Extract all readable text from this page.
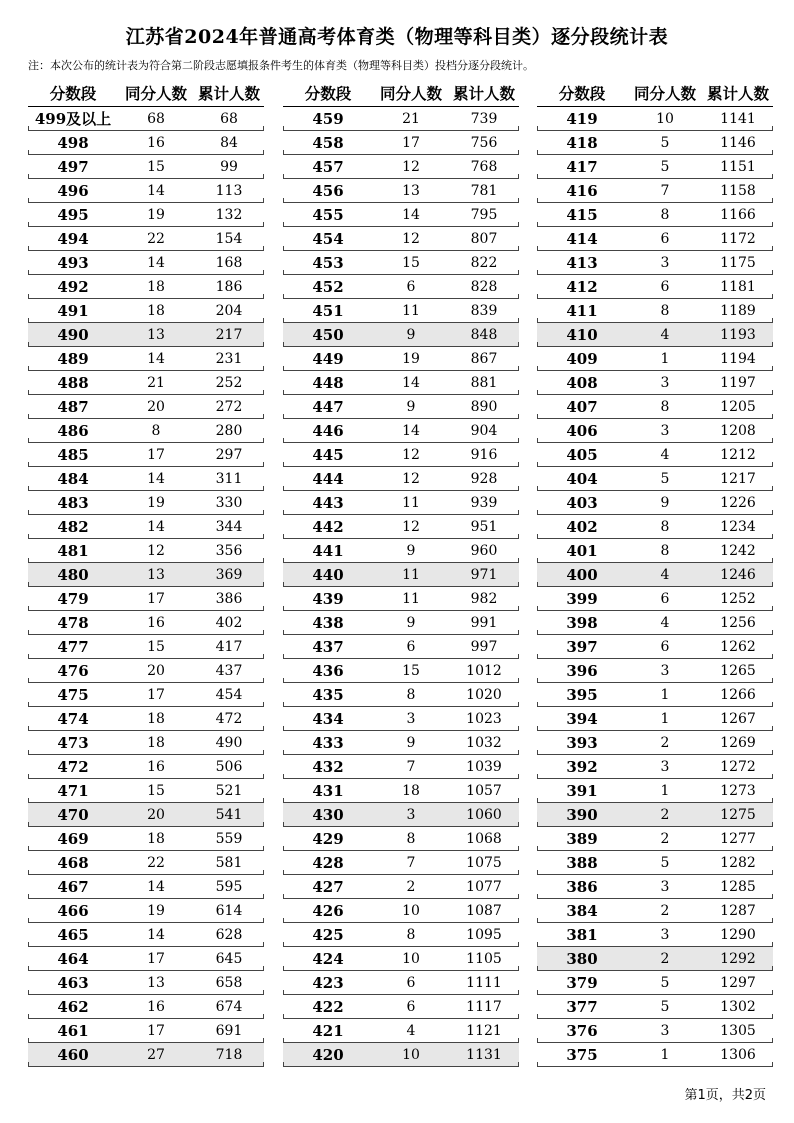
江苏省2024年普通高考体育类（物理等科目类）逐分段统计表
注：本次公布的统计表为符合第二阶段志愿填报条件考生的体育类（物理等科目类）投档分逐分段统计。
分数段	同分人数 累计人数
499及以上	68	68
498	16	84
497	15	99
496	14	113
495	19	132
494	22	154
493	14	168
492	18	186
491	18	204
490	13	217
489	14	231
488	21	252
487	20	272
486	8	280
485	17	297
484	14	311
483	19	330
482	14	344
481	12	356
480	13	369
479	17	386
478	16	402
477	15	417
476	20	437
475	17	454
474	18	472
473	18	490
472	16	506
471	15	521
470	20	541
469	18	559
468	22	581
467	14	595
466	19	614
465	14	628
464	17	645
463	13	658
462	16	674
461	17	691
460	27	718
分数段	同分人数 累计人数
459	21	739
458	17	756
457	12	768
456	13	781
455	14	795
454	12	807
453	15	822
452	6	828
451	11	839
450	9	848
449	19	867
448	14	881
447	9	890
446	14	904
445	12	916
444	12	928
443	11	939
442	12	951
441	9	960
440	11	971
439	11	982
438	9	991
437	6	997
436	15	1012
435	8	1020
434	3	1023
433	9	1032
432	7	1039
431	18	1057
430	3	1060
429	8	1068
428	7	1075
427	2	1077
426	10	1087
425	8	1095
424	10	1105
423	6	1111
422	6	1117
421	4	1121
420	10	1131
分数段	同分人数 累计人数
419	10	1141
418	5	1146
417	5	1151
416	7	1158
415	8	1166
414	6	1172
413	3	1175
412	6	1181
411	8	1189
410	4	1193
409	1	1194
408	3	1197
407	8	1205
406	3	1208
405	4	1212
404	5	1217
403	9	1226
402	8	1234
401	8	1242
400	4	1246
399	6	1252
398	4	1256
397	6	1262
396	3	1265
395	1	1266
394	1	1267
393	2	1269
392	3	1272
391	1	1273
390	2	1275
389	2	1277
388	5	1282
386	3	1285
384	2	1287
381	3	1290
380	2	1292
379	5	1297
377	5	1302
376	3	1305
375	1	1306
第1页，共2页
